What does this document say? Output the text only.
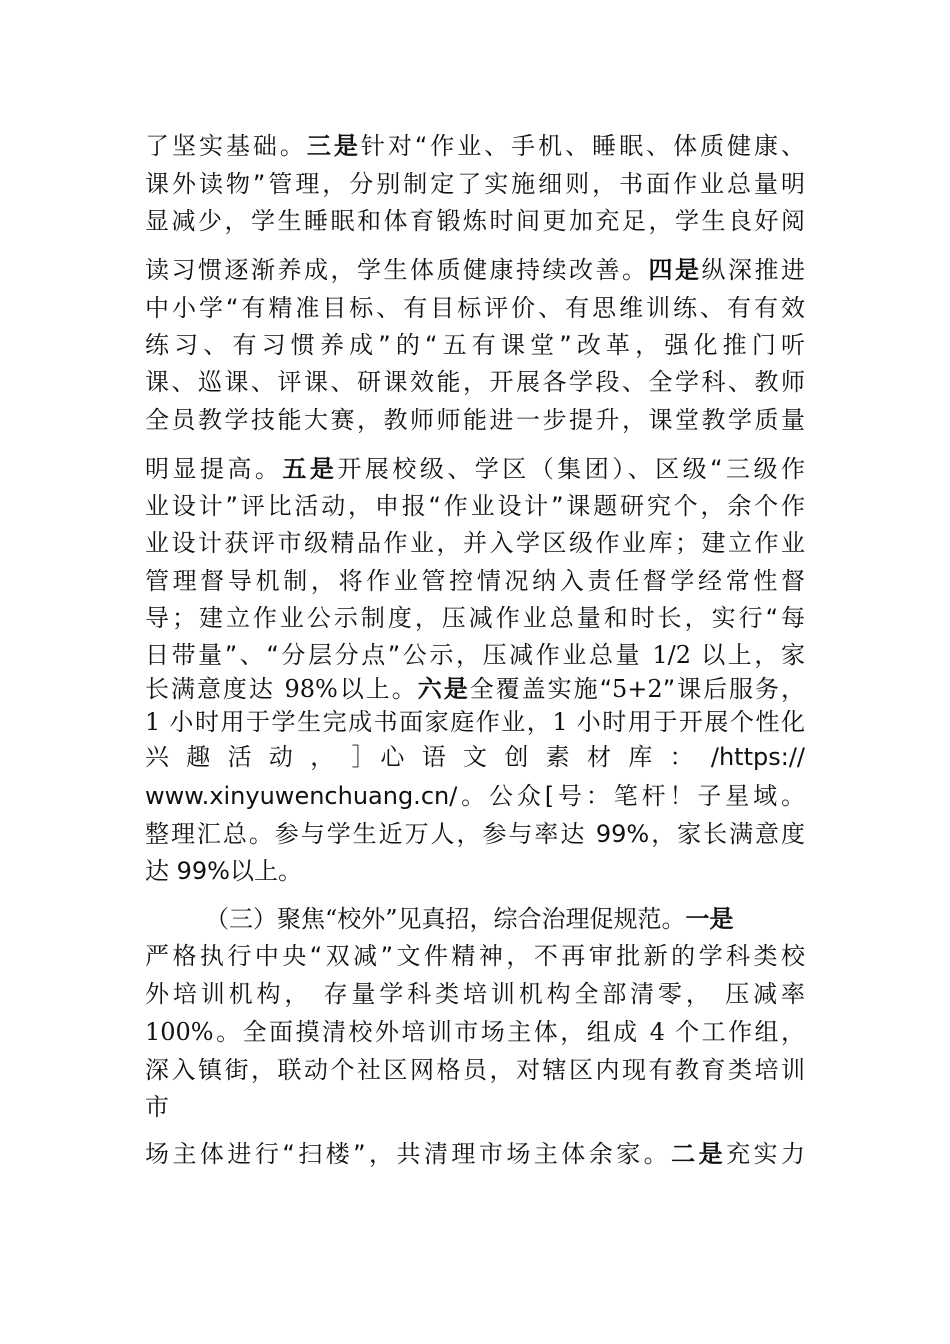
了坚实基础。三是针对“作业、手机、睡眠、体质健康、
课外读物”管理，分别制定了实施细则，书面作业总量明
显减少，学生睡眠和体育锻炼时间更加充足，学生良好阅
读习惯逐渐养成，学生体质健康持续改善。四是纵深推进
中小学“有精准目标、有目标评价、有思维训练、有有效
练习、有习惯养成”的“五有课堂”改革，强化推门听
课、巡课、评课、研课效能，开展各学段、全学科、教师
全员教学技能大赛，教师师能进一步提升，课堂教学质量
明显提高。五是开展校级、学区（集团）、区级“三级作
业设计”评比活动，申报“作业设计”课题研究个，余个作
业设计获评市级精品作业，并入学区级作业库；建立作业
管理督导机制，将作业管控情况纳入责任督学经常性督
导；建立作业公示制度，压减作业总量和时长，实行“每
日带量”、“分层分点”公示，压减作业总量 1/2 以上，家
长满意度达 98%以上。六是全覆盖实施“5+2”课后服务，
1 小时用于学生完成书面家庭作业，1 小时用于开展个性化
兴 趣 活 动 ， ］心 语 文 创 素 材 库 ： /https://
www.xinyuwenchuang.cn/。公众[号：笔杆！子星域。
整理汇总。参与学生近万人，参与率达 99%，家长满意度
达 99%以上。
（三）聚焦“校外”见真招，综合治理促规范。一是
严格执行中央“双减”文件精神，不再审批新的学科类校
外培训机构， 存量学科类培训机构全部清零， 压减率
100%。全面摸清校外培训市场主体，组成 4 个工作组，
深入镇街，联动个社区网格员，对辖区内现有教育类培训
市
场主体进行“扫楼”，共清理市场主体余家。二是充实力
